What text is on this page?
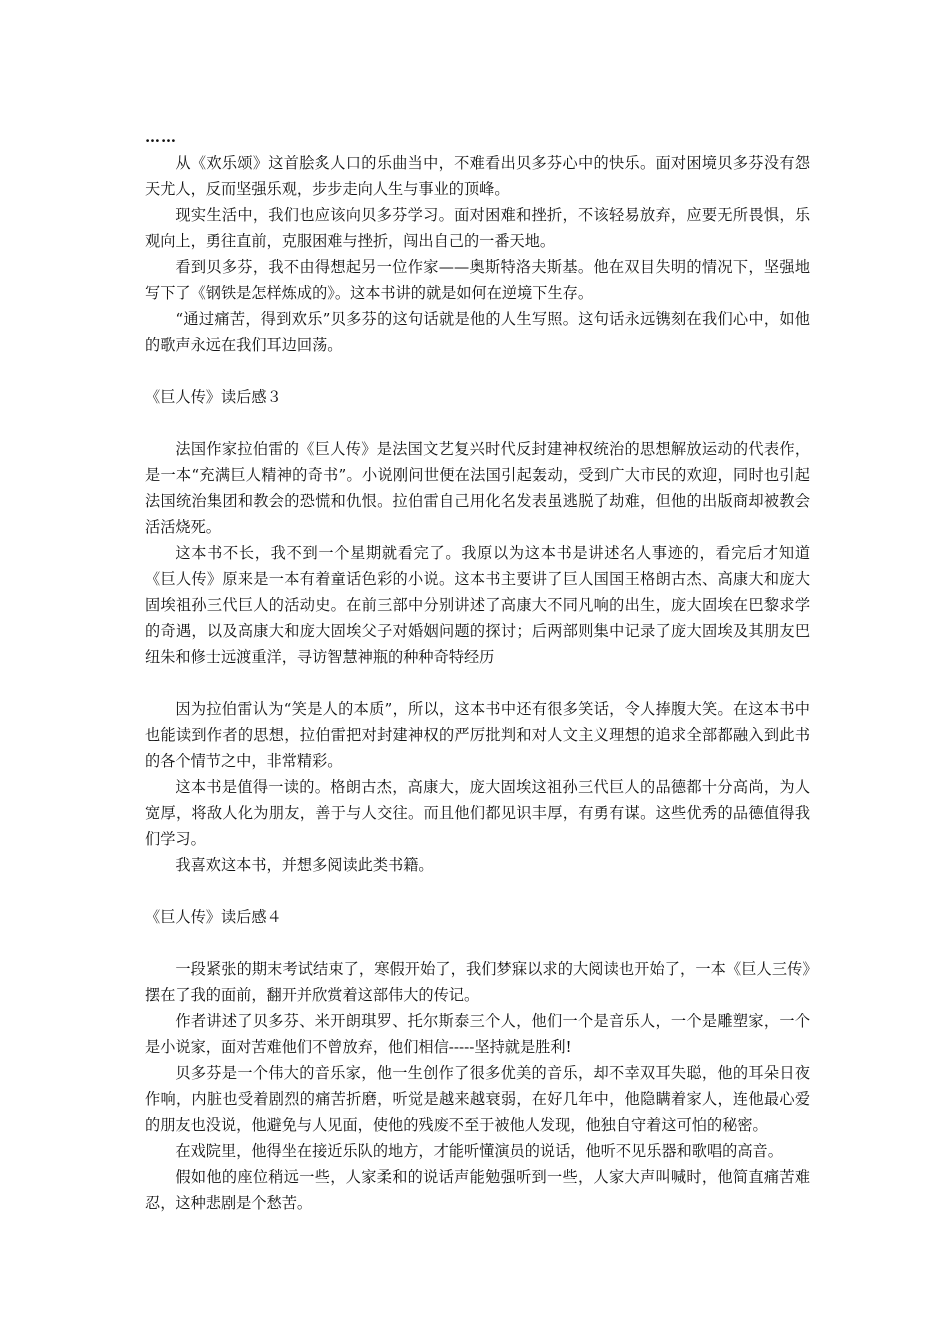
……

从《欢乐颂》这首脍炙人口的乐曲当中，不难看出贝多芬心中的快乐。面对困境贝多芬没有怨天尤人，反而坚强乐观，步步走向人生与事业的顶峰。

现实生活中，我们也应该向贝多芬学习。面对困难和挫折，不该轻易放弃，应要无所畏惧，乐观向上，勇往直前，克服困难与挫折，闯出自己的一番天地。

看到贝多芬，我不由得想起另一位作家——奥斯特洛夫斯基。他在双目失明的情况下，坚强地写下了《钢铁是怎样炼成的》。这本书讲的就是如何在逆境下生存。

“通过痛苦，得到欢乐”贝多芬的这句话就是他的人生写照。这句话永远镌刻在我们心中，如他的歌声永远在我们耳边回荡。

《巨人传》读后感３

法国作家拉伯雷的《巨人传》是法国文艺复兴时代反封建神权统治的思想解放运动的代表作，是一本“充满巨人精神的奇书”。小说刚问世便在法国引起轰动，受到广大市民的欢迎，同时也引起法国统治集团和教会的恐慌和仇恨。拉伯雷自己用化名发表虽逃脱了劫难，但他的出版商却被教会活活烧死。

这本书不长，我不到一个星期就看完了。我原以为这本书是讲述名人事迹的，看完后才知道《巨人传》原来是一本有着童话色彩的小说。这本书主要讲了巨人国国王格朗古杰、高康大和庞大固埃祖孙三代巨人的活动史。在前三部中分别讲述了高康大不同凡响的出生，庞大固埃在巴黎求学的奇遇，以及高康大和庞大固埃父子对婚姻问题的探讨；后两部则集中记录了庞大固埃及其朋友巴纽朱和修士远渡重洋，寻访智慧神瓶的种种奇特经历

因为拉伯雷认为“笑是人的本质”，所以，这本书中还有很多笑话，令人捧腹大笑。在这本书中也能读到作者的思想，拉伯雷把对封建神权的严厉批判和对人文主义理想的追求全部都融入到此书的各个情节之中，非常精彩。

这本书是值得一读的。格朗古杰，高康大，庞大固埃这祖孙三代巨人的品德都十分高尚，为人宽厚，将敌人化为朋友，善于与人交往。而且他们都见识丰厚，有勇有谋。这些优秀的品德值得我们学习。

我喜欢这本书，并想多阅读此类书籍。

《巨人传》读后感４

一段紧张的期末考试结束了，寒假开始了，我们梦寐以求的大阅读也开始了，一本《巨人三传》摆在了我的面前，翻开并欣赏着这部伟大的传记。

作者讲述了贝多芬、米开朗琪罗、托尔斯泰三个人，他们一个是音乐人，一个是雕塑家，一个是小说家，面对苦难他们不曾放弃，他们相信-----坚持就是胜利!

贝多芬是一个伟大的音乐家，他一生创作了很多优美的音乐，却不幸双耳失聪，他的耳朵日夜作响，内脏也受着剧烈的痛苦折磨，听觉是越来越衰弱，在好几年中，他隐瞒着家人，连他最心爱的朋友也没说，他避免与人见面，使他的残废不至于被他人发现，他独自守着这可怕的秘密。

在戏院里，他得坐在接近乐队的地方，才能听懂演员的说话，他听不见乐器和歌唱的高音。

假如他的座位稍远一些，人家柔和的说话声能勉强听到一些，人家大声叫喊时，他简直痛苦难忍，这种悲剧是个愁苦。
